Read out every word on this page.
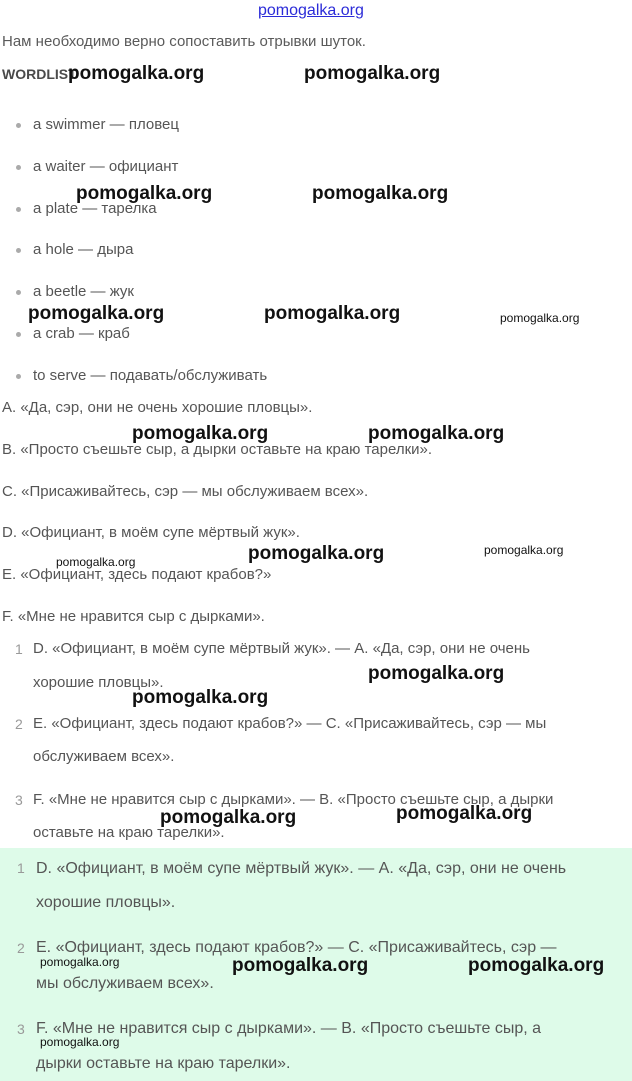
pomogalka.org
Нам необходимо верно сопоставить отрывки шуток.
WORDLIST
a swimmer — пловец
a waiter — официант
a plate — тарелка
a hole — дыра
a beetle — жук
a crab — краб
to serve — подавать/обслуживать
A. «Да, сэр, они не очень хорошие пловцы».
B. «Просто съешьте сыр, а дырки оставьте на краю тарелки».
C. «Присаживайтесь, сэр — мы обслуживаем всех».
D. «Официант, в моём супе мёртвый жук».
E. «Официант, здесь подают крабов?»
F. «Мне не нравится сыр с дырками».
1 D. «Официант, в моём супе мёртвый жук». — A. «Да, сэр, они не очень
хорошие пловцы».
2 E. «Официант, здесь подают крабов?» — C. «Присаживайтесь, сэр — мы
обслуживаем всех».
3 F. «Мне не нравится сыр с дырками». — B. «Просто съешьте сыр, а дырки
оставьте на краю тарелки».
1 D. «Официант, в моём супе мёртвый жук». — A. «Да, сэр, они не очень
хорошие пловцы».
2 E. «Официант, здесь подают крабов?» — C. «Присаживайтесь, сэр —
мы обслуживаем всех».
3 F. «Мне не нравится сыр с дырками». — B. «Просто съешьте сыр, а
дырки оставьте на краю тарелки».
pomogalka.org	pomogalka.org
pomogalka.org	pomogalka.org
pomogalka.org	pomogalka.org	pomogalka.org
pomogalka.org	pomogalka.org
pomogalka.org	pomogalka.org	pomogalka.org
pomogalka.org
pomogalka.org
pomogalka.org	pomogalka.org
pomogalka.org	pomogalka.org	pomogalka.org
pomogalka.org
